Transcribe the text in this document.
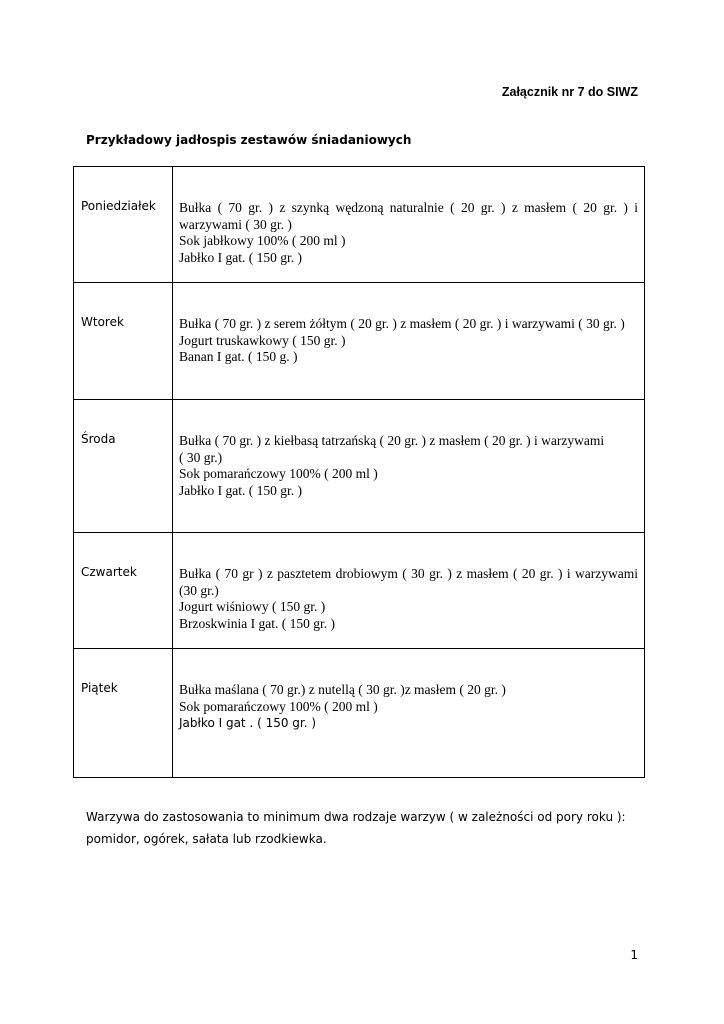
Załącznik nr 7 do SIWZ
Przykładowy jadłospis zestawów śniadaniowych
Poniedziałek	Bułka ( 70 gr. ) z szynką wędzoną naturalnie ( 20 gr. ) z masłem ( 20 gr. ) i warzywami ( 30 gr. )
Sok jabłkowy 100% ( 200 ml )
Jabłko I gat. ( 150 gr. )

Wtorek	Bułka ( 70 gr. ) z serem żółtym ( 20 gr. ) z masłem ( 20 gr. ) i warzywami ( 30 gr. )
Jogurt truskawkowy ( 150 gr. )
Banan I gat. ( 150 g. )

Środa	Bułka ( 70 gr. ) z kiełbasą tatrzańską ( 20 gr. ) z masłem ( 20 gr. ) i warzywami
( 30 gr.)
Sok pomarańczowy 100% ( 200 ml )
Jabłko I gat. ( 150 gr. )

Czwartek	Bułka ( 70 gr ) z pasztetem drobiowym ( 30 gr. ) z masłem ( 20 gr. ) i warzywami (30 gr.)
Jogurt wiśniowy ( 150 gr. )
Brzoskwinia I gat. ( 150 gr. )

Piątek	Bułka maślana ( 70 gr.) z nutellą ( 30 gr. )z masłem ( 20 gr. )
Sok pomarańczowy 100% ( 200 ml )
Jabłko I gat . ( 150 gr. )
Warzywa do zastosowania to minimum dwa rodzaje warzyw ( w zależności od pory roku ): pomidor, ogórek, sałata lub rzodkiewka.
1
